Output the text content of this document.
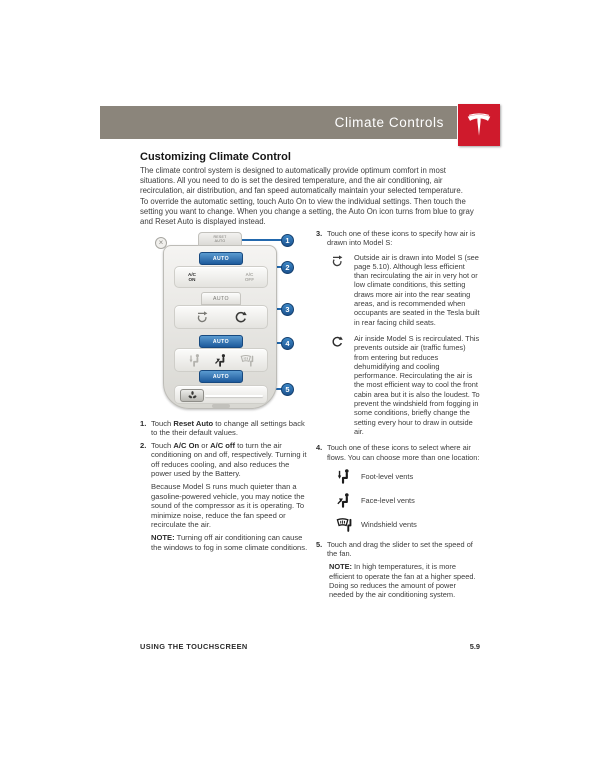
Climate Controls
Customizing Climate Control
The climate control system is designed to automatically provide optimum comfort in most situations. All you need to do is set the desired temperature, and the air conditioning, air recirculation, air distribution, and fan speed automatically maintain your selected temperature.
To override the automatic setting, touch Auto On to view the individual settings. Then touch the setting you want to change. When you change a setting, the Auto On icon turns from blue to gray and Reset Auto is displayed instead.
×
RESET
AUTO
AUTO
A/C
ON
A/C
OFF
AUTO
AUTO
AUTO
1
2
3
4
5
1. Touch Reset Auto to change all settings back to the their default values.
2. Touch A/C On or A/C off to turn the air conditioning on and off, respectively. Turning it off reduces cooling, and also reduces the power used by the Battery.
Because Model S runs much quieter than a gasoline-powered vehicle, you may notice the sound of the compressor as it is operating. To minimize noise, reduce the fan speed or recirculate the air.
NOTE: Turning off air conditioning can cause the windows to fog in some climate conditions.
3. Touch one of these icons to specify how air is drawn into Model S:
Outside air is drawn into Model S (see page 5.10). Although less efficient than recirculating the air in very hot or low climate conditions, this setting draws more air into the rear seating areas, and is recommended when occupants are seated in the Tesla built in rear facing child seats.
Air inside Model S is recirculated. This prevents outside air (traffic fumes) from entering but reduces dehumidifying and cooling performance. Recirculating the air is the most efficient way to cool the front cabin area but it is also the loudest. To prevent the windshield from fogging in some conditions, briefly change the setting every hour to draw in outside air.
4. Touch one of these icons to select where air flows. You can choose more than one location:
Foot-level vents
Face-level vents
Windshield vents
5. Touch and drag the slider to set the speed of the fan.
NOTE: In high temperatures, it is more efficient to operate the fan at a higher speed. Doing so reduces the amount of power needed by the air conditioning system.
USING THE TOUCHSCREEN	5.9
